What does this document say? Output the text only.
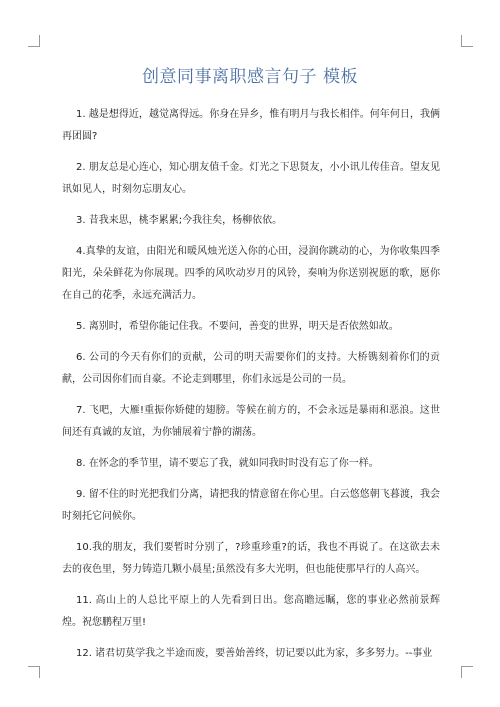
创意同事离职感言句子 模板

1. 越是想得近，越觉离得远。你身在异乡，惟有明月与我长相伴。何年何日，我俩再团圆?

2. 朋友总是心连心，知心朋友值千金。灯光之下思贤友，小小讯儿传佳音。望友见讯如见人，时刻勿忘朋友心。

3. 昔我来思，桃李累累;今我往矣，杨柳依依。

4.真挚的友谊，由阳光和暖风烛光送入你的心田，浸润你跳动的心，为你收集四季阳光，朵朵鲜花为你展现。四季的风吹动岁月的风铃，奏响为你送别祝愿的歌，愿你在自己的花季，永远充满活力。

5. 离别时，希望你能记住我。不要问，善变的世界，明天是否依然如故。

6. 公司的今天有你们的贡献，公司的明天需要你们的支持。大桥镌刻着你们的贡献，公司因你们而自豪。不论走到哪里，你们永远是公司的一员。

7. 飞吧，大雁!重振你娇健的翅膀。等候在前方的，不会永远是暴雨和恶浪。这世间还有真诚的友谊，为你铺展着宁静的湖荡。

8. 在怀念的季节里，请不要忘了我，就如同我时时没有忘了你一样。

9. 留不住的时光把我们分离，请把我的情意留在你心里。白云悠悠朝飞暮渡，我会时刻托它问候你。

10.我的朋友，我们要暂时分别了，?珍重珍重?的话，我也不再说了。在这欲去未去的夜色里，努力铸造几颗小晨星;虽然没有多大光明，但也能使那早行的人高兴。

11. 高山上的人总比平原上的人先看到日出。您高瞻远瞩，您的事业必然前景辉煌。祝您鹏程万里!

12. 诸君切莫学我之半途而废，要善始善终，切记要以此为家，多多努力。--事业
